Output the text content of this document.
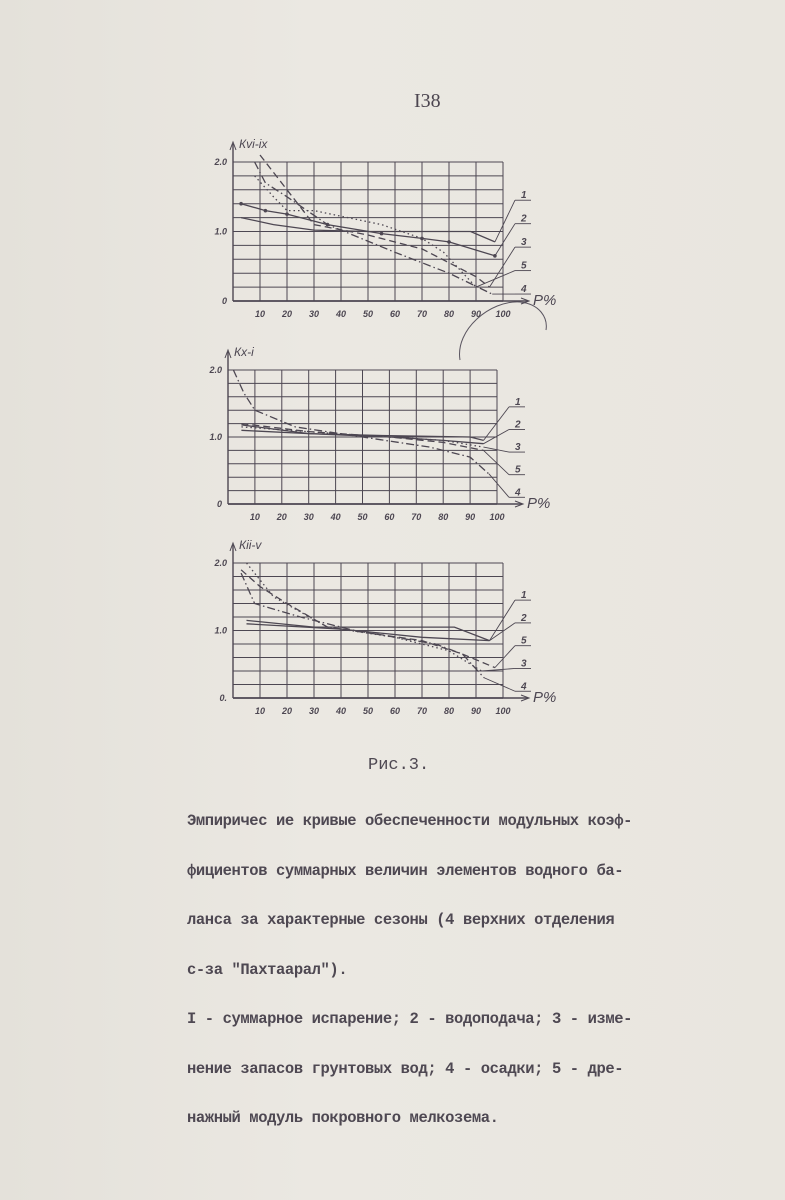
I38
Кvi-ix
P%
10 20 30 40 50 60 70 80 90 100
2.0
1.0
0
1
2
3
5
4
Кx-i
P%
10 20 30 40 50 60 70 80 90 100
2.0
1.0
0
1
2
3
5
4
Кii-v
P%
10 20 30 40 50 60 70 80 90 100
2.0
1.0
0.
1
2
5
3
4
Рис.3.

Эмпиричес ие кривые обеспеченности модульных коэф-

фициентов суммарных величин элементов водного ба-

ланса за характерные сезоны (4 верхних отделения

с-за "Пахтаарал").

I - суммарное испарение; 2 - водоподача; 3 - изме-

нение запасов грунтовых вод; 4 - осадки; 5 - дре-

нажный модуль покровного мелкозема.
